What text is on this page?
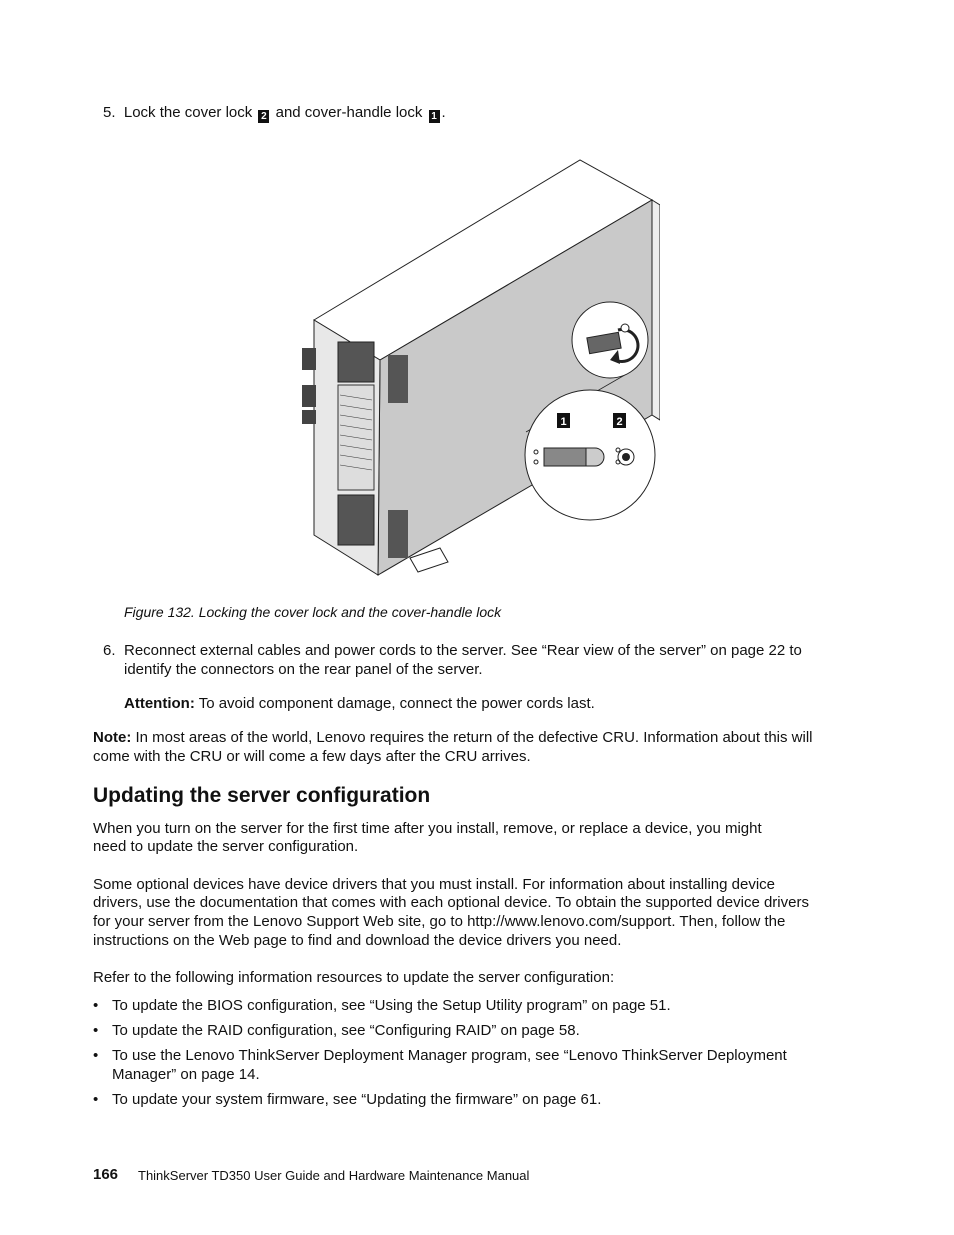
5. Lock the cover lock 2 and cover-handle lock 1 .
1	2
Figure 132. Locking the cover lock and the cover-handle lock
6. Reconnect external cables and power cords to the server. See “Rear view of the server” on page 22 to
identify the connectors on the rear panel of the server.
Attention: To avoid component damage, connect the power cords last.
Note: In most areas of the world, Lenovo requires the return of the defective CRU. Information about this will
come with the CRU or will come a few days after the CRU arrives.
Updating the server configuration
When you turn on the server for the first time after you install, remove, or replace a device, you might
need to update the server configuration.
Some optional devices have device drivers that you must install. For information about installing device
drivers, use the documentation that comes with each optional device. To obtain the supported device drivers
for your server from the Lenovo Support Web site, go to http://www.lenovo.com/support. Then, follow the
instructions on the Web page to find and download the device drivers you need.
Refer to the following information resources to update the server configuration:
• To update the BIOS configuration, see “Using the Setup Utility program” on page 51.
• To update the RAID configuration, see “Configuring RAID” on page 58.
• To use the Lenovo ThinkServer Deployment Manager program, see “Lenovo ThinkServer Deployment
Manager” on page 14.
• To update your system firmware, see “Updating the firmware” on page 61.
166 ThinkServer TD350 User Guide and Hardware Maintenance Manual
